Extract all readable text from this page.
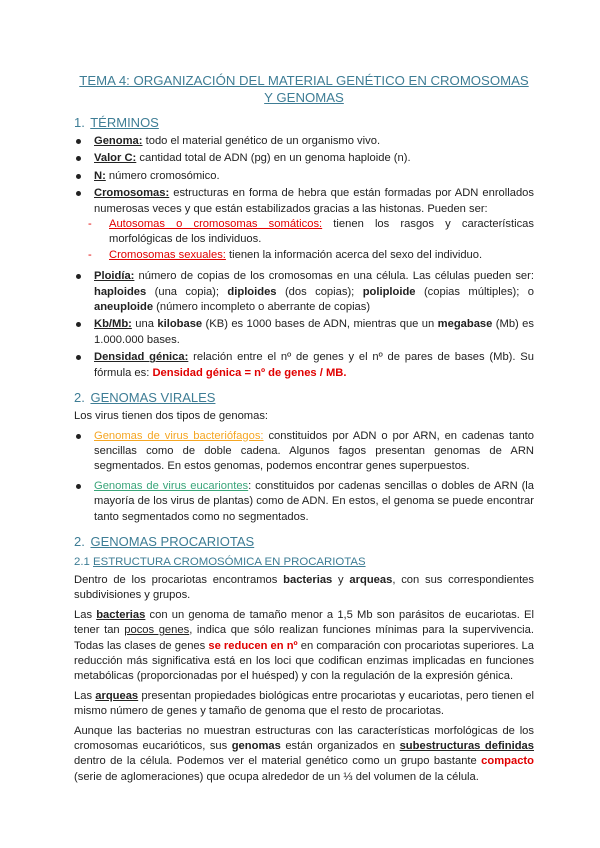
TEMA 4: ORGANIZACIÓN DEL MATERIAL GENÉTICO EN CROMOSOMAS Y GENOMAS
1. TÉRMINOS
Genoma: todo el material genético de un organismo vivo.
Valor C: cantidad total de ADN (pg) en un genoma haploide (n).
N: número cromosómico.
Cromosomas: estructuras en forma de hebra que están formadas por ADN enrollados numerosas veces y que están estabilizados gracias a las histonas. Pueden ser:
- Autosomas o cromosomas somáticos: tienen los rasgos y características morfológicas de los individuos.
- Cromosomas sexuales: tienen la información acerca del sexo del individuo.
Ploidía: número de copias de los cromosomas en una célula. Las células pueden ser: haploides (una copia); diploides (dos copias); poliploide (copias múltiples); o aneuploide (número incompleto o aberrante de copias)
Kb/Mb: una kilobase (KB) es 1000 bases de ADN, mientras que un megabase (Mb) es 1.000.000 bases.
Densidad génica: relación entre el nº de genes y el nº de pares de bases (Mb). Su fórmula es: Densidad génica = nº de genes / MB.
2. GENOMAS VIRALES

Los virus tienen dos tipos de genomas:

Genomas de virus bacteriófagos: constituidos por ADN o por ARN, en cadenas tanto sencillas como de doble cadena. Algunos fagos presentan genomas de ARN segmentados. En estos genomas, podemos encontrar genes superpuestos.
Genomas de virus eucariontes: constituidos por cadenas sencillas o dobles de ARN (la mayoría de los virus de plantas) como de ADN. En estos, el genoma se puede encontrar tanto segmentados como no segmentados.
2. GENOMAS PROCARIOTAS
2.1 ESTRUCTURA CROMOSÓMICA EN PROCARIOTAS

Dentro de los procariotas encontramos bacterias y arqueas, con sus correspondientes subdivisiones y grupos.

Las bacterias con un genoma de tamaño menor a 1,5 Mb son parásitos de eucariotas. El tener tan pocos genes, indica que sólo realizan funciones mínimas para la supervivencia. Todas las clases de genes se reducen en nº en comparación con procariotas superiores. La reducción más significativa está en los loci que codifican enzimas implicadas en funciones metabólicas (proporcionadas por el huésped) y con la regulación de la expresión génica.

Las arqueas presentan propiedades biológicas entre procariotas y eucariotas, pero tienen el mismo número de genes y tamaño de genoma que el resto de procariotas.

Aunque las bacterias no muestran estructuras con las características morfológicas de los cromosomas eucarióticos, sus genomas están organizados en subestructuras definidas dentro de la célula. Podemos ver el material genético como un grupo bastante compacto (serie de aglomeraciones) que ocupa alrededor de un ⅓ del volumen de la célula.
